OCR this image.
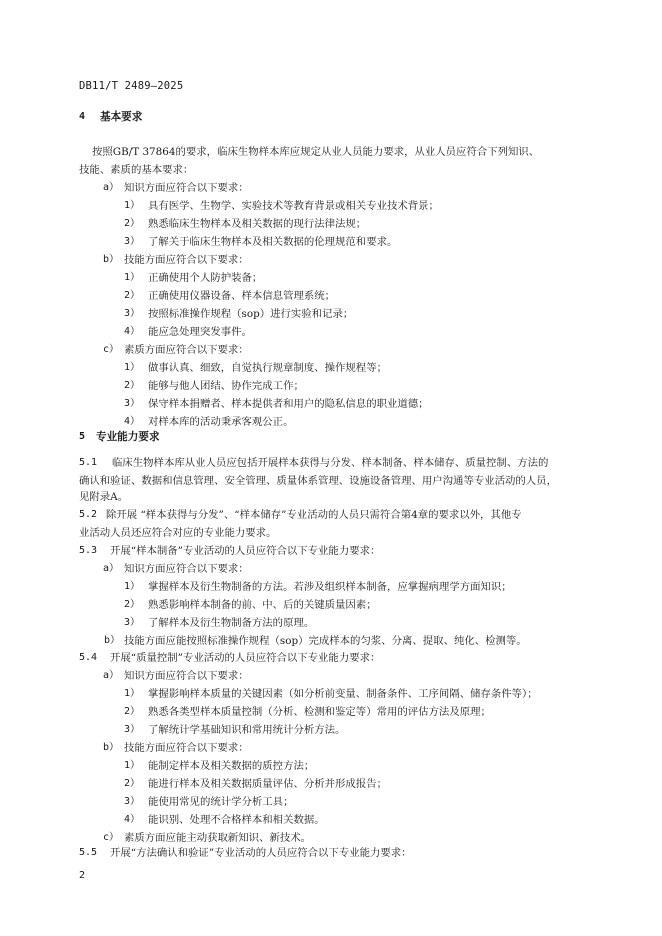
DB11/T 2489—2025
4 基本要求
按照GB/T 37864的要求，临床生物样本库应规定从业人员能力要求，从业人员应符合下列知识、
技能、素质的基本要求：
a） 知识方面应符合以下要求：
1） 具有医学、生物学、实验技术等教育背景或相关专业技术背景；
2） 熟悉临床生物样本及相关数据的现行法律法规；
3） 了解关于临床生物样本及相关数据的伦理规范和要求。
b） 技能方面应符合以下要求：
1） 正确使用个人防护装备；
2） 正确使用仪器设备、样本信息管理系统；
3） 按照标准操作规程（sop）进行实验和记录；
4） 能应急处理突发事件。
c） 素质方面应符合以下要求：
1） 做事认真、细致，自觉执行规章制度、操作规程等；
2） 能够与他人团结、协作完成工作；
3） 保守样本捐赠者、样本提供者和用户的隐私信息的职业道德；
4） 对样本库的活动秉承客观公正。
5 专业能力要求
5.1 临床生物样本库从业人员应包括开展样本获得与分发、样本制备、样本储存、质量控制、方法的
确认和验证、数据和信息管理、安全管理、质量体系管理、设施设备管理、用户沟通等专业活动的人员，
见附录A。
5.2 除开展 “样本获得与分发”、“样本储存”专业活动的人员只需符合第4章的要求以外，其他专
业活动人员还应符合对应的专业能力要求。
5.3 开展“样本制备”专业活动的人员应符合以下专业能力要求：
a） 知识方面应符合以下要求：
1） 掌握样本及衍生物制备的方法。若涉及组织样本制备，应掌握病理学方面知识；
2） 熟悉影响样本制备的前、中、后的关键质量因素；
3） 了解样本及衍生物制备方法的原理。
b） 技能方面应能按照标准操作规程（sop）完成样本的匀浆、分离、提取、纯化、检测等。
5.4 开展“质量控制”专业活动的人员应符合以下专业能力要求：
a） 知识方面应符合以下要求：
1） 掌握影响样本质量的关键因素（如分析前变量、制备条件、工序间隔、储存条件等）；
2） 熟悉各类型样本质量控制（分析、检测和鉴定等）常用的评估方法及原理；
3） 了解统计学基础知识和常用统计分析方法。
b） 技能方面应符合以下要求：
1） 能制定样本及相关数据的质控方法；
2） 能进行样本及相关数据质量评估、分析并形成报告；
3） 能使用常见的统计学分析工具；
4） 能识别、处理不合格样本和相关数据。
c） 素质方面应能主动获取新知识、新技术。
5.5 开展“方法确认和验证”专业活动的人员应符合以下专业能力要求：
2
